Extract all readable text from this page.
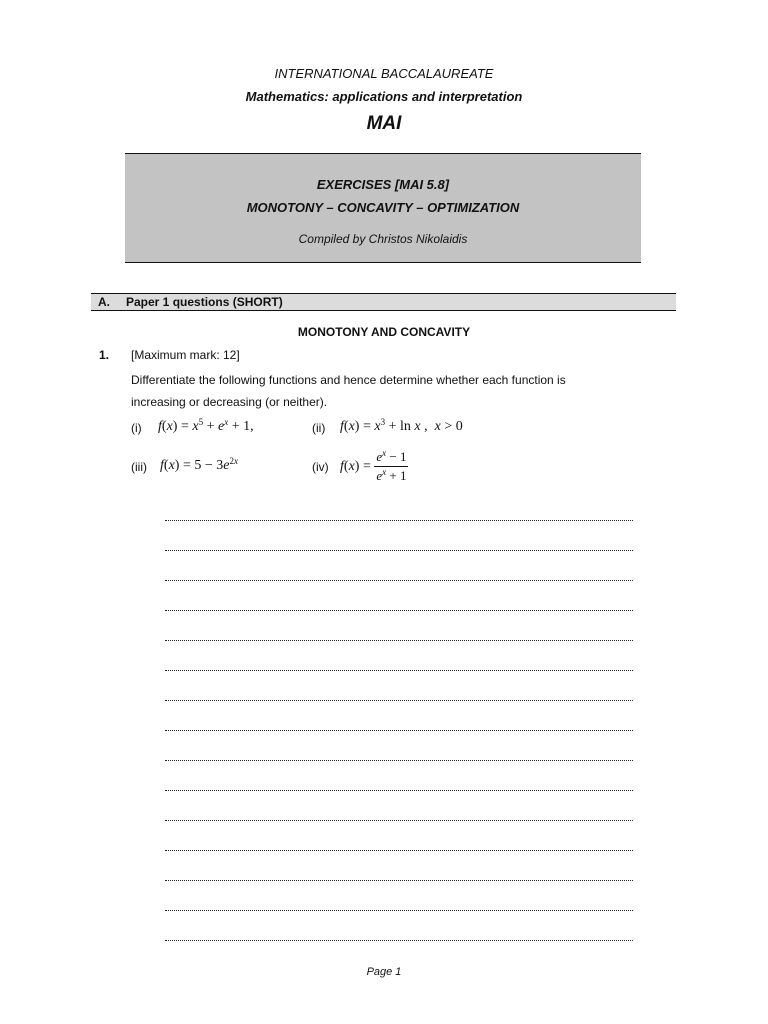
INTERNATIONAL BACCALAUREATE
Mathematics: applications and interpretation
MAI
EXERCISES [MAI 5.8]
MONOTONY – CONCAVITY – OPTIMIZATION
Compiled by Christos Nikolaidis
A. Paper 1 questions (SHORT)
MONOTONY AND CONCAVITY
1. [Maximum mark: 12]
Differentiate the following functions and hence determine whether each function is
increasing or decreasing (or neither).
(i) $f(x) = x^5 + e^x + 1$,	(ii) $f(x) = x^3 + \ln x$ ,  x > 0
(iii) $f(x) = 5 - 3e^{2x}$	(iv) $f(x) = \frac{e^x - 1}{e^x + 1}$
Page 1
